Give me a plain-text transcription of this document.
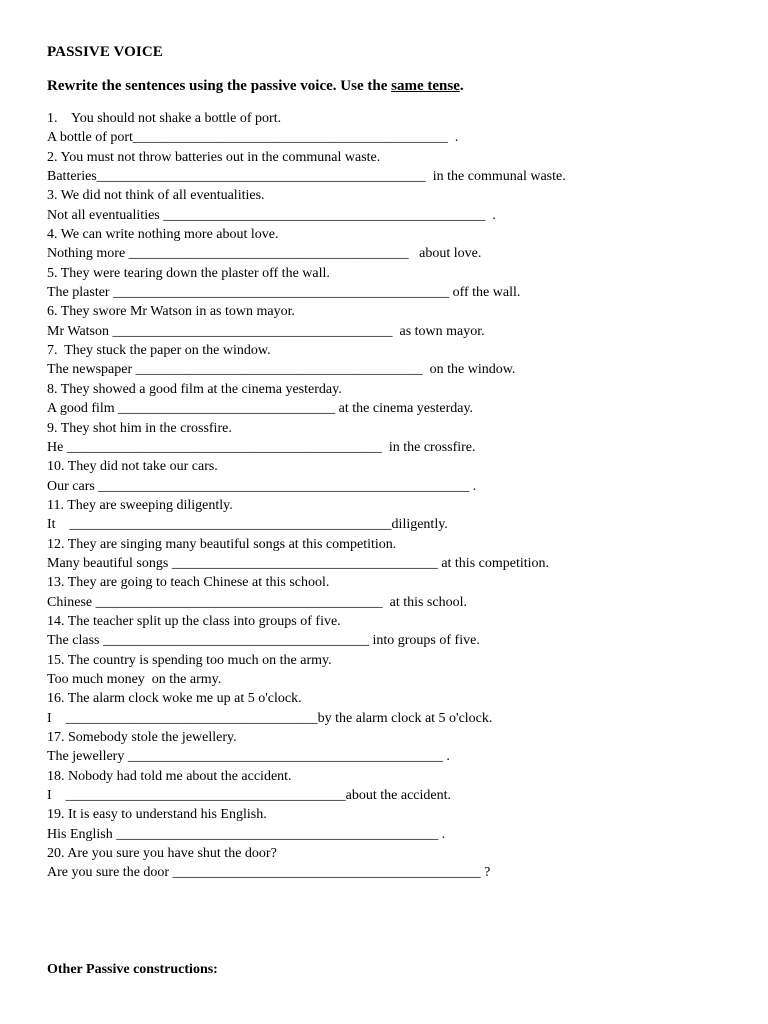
PASSIVE VOICE
Rewrite the sentences using the passive voice. Use the same tense.
1.    You should not shake a bottle of port.
A bottle of port_____________________________________________  .
2. You must not throw batteries out in the communal waste.
Batteries_______________________________________________  in the communal waste.
3. We did not think of all eventualities.
Not all eventualities ______________________________________________  .
4. We can write nothing more about love.
Nothing more ________________________________________   about love.
5. They were tearing down the plaster off the wall.
The plaster ________________________________________________ off the wall.
6. They swore Mr Watson in as town mayor.
Mr Watson ________________________________________  as town mayor.
7.  They stuck the paper on the window.
The newspaper _________________________________________  on the window.
8. They showed a good film at the cinema yesterday.
A good film _______________________________ at the cinema yesterday.
9. They shot him in the crossfire.
He _____________________________________________  in the crossfire.
10. They did not take our cars.
Our cars _____________________________________________________ .
11. They are sweeping diligently.
It    ______________________________________________diligently.
12. They are singing many beautiful songs at this competition.
Many beautiful songs ______________________________________ at this competition.
13. They are going to teach Chinese at this school.
Chinese _________________________________________  at this school.
14. The teacher split up the class into groups of five.
The class ______________________________________ into groups of five.
15. The country is spending too much on the army.
Too much money  on the army.
16. The alarm clock woke me up at 5 o'clock.
I    ____________________________________by the alarm clock at 5 o'clock.
17. Somebody stole the jewellery.
The jewellery _____________________________________________ .
18. Nobody had told me about the accident.
I    ________________________________________about the accident.
19. It is easy to understand his English.
His English ______________________________________________ .
20. Are you sure you have shut the door?
Are you sure the door ____________________________________________ ?
Other Passive constructions:
